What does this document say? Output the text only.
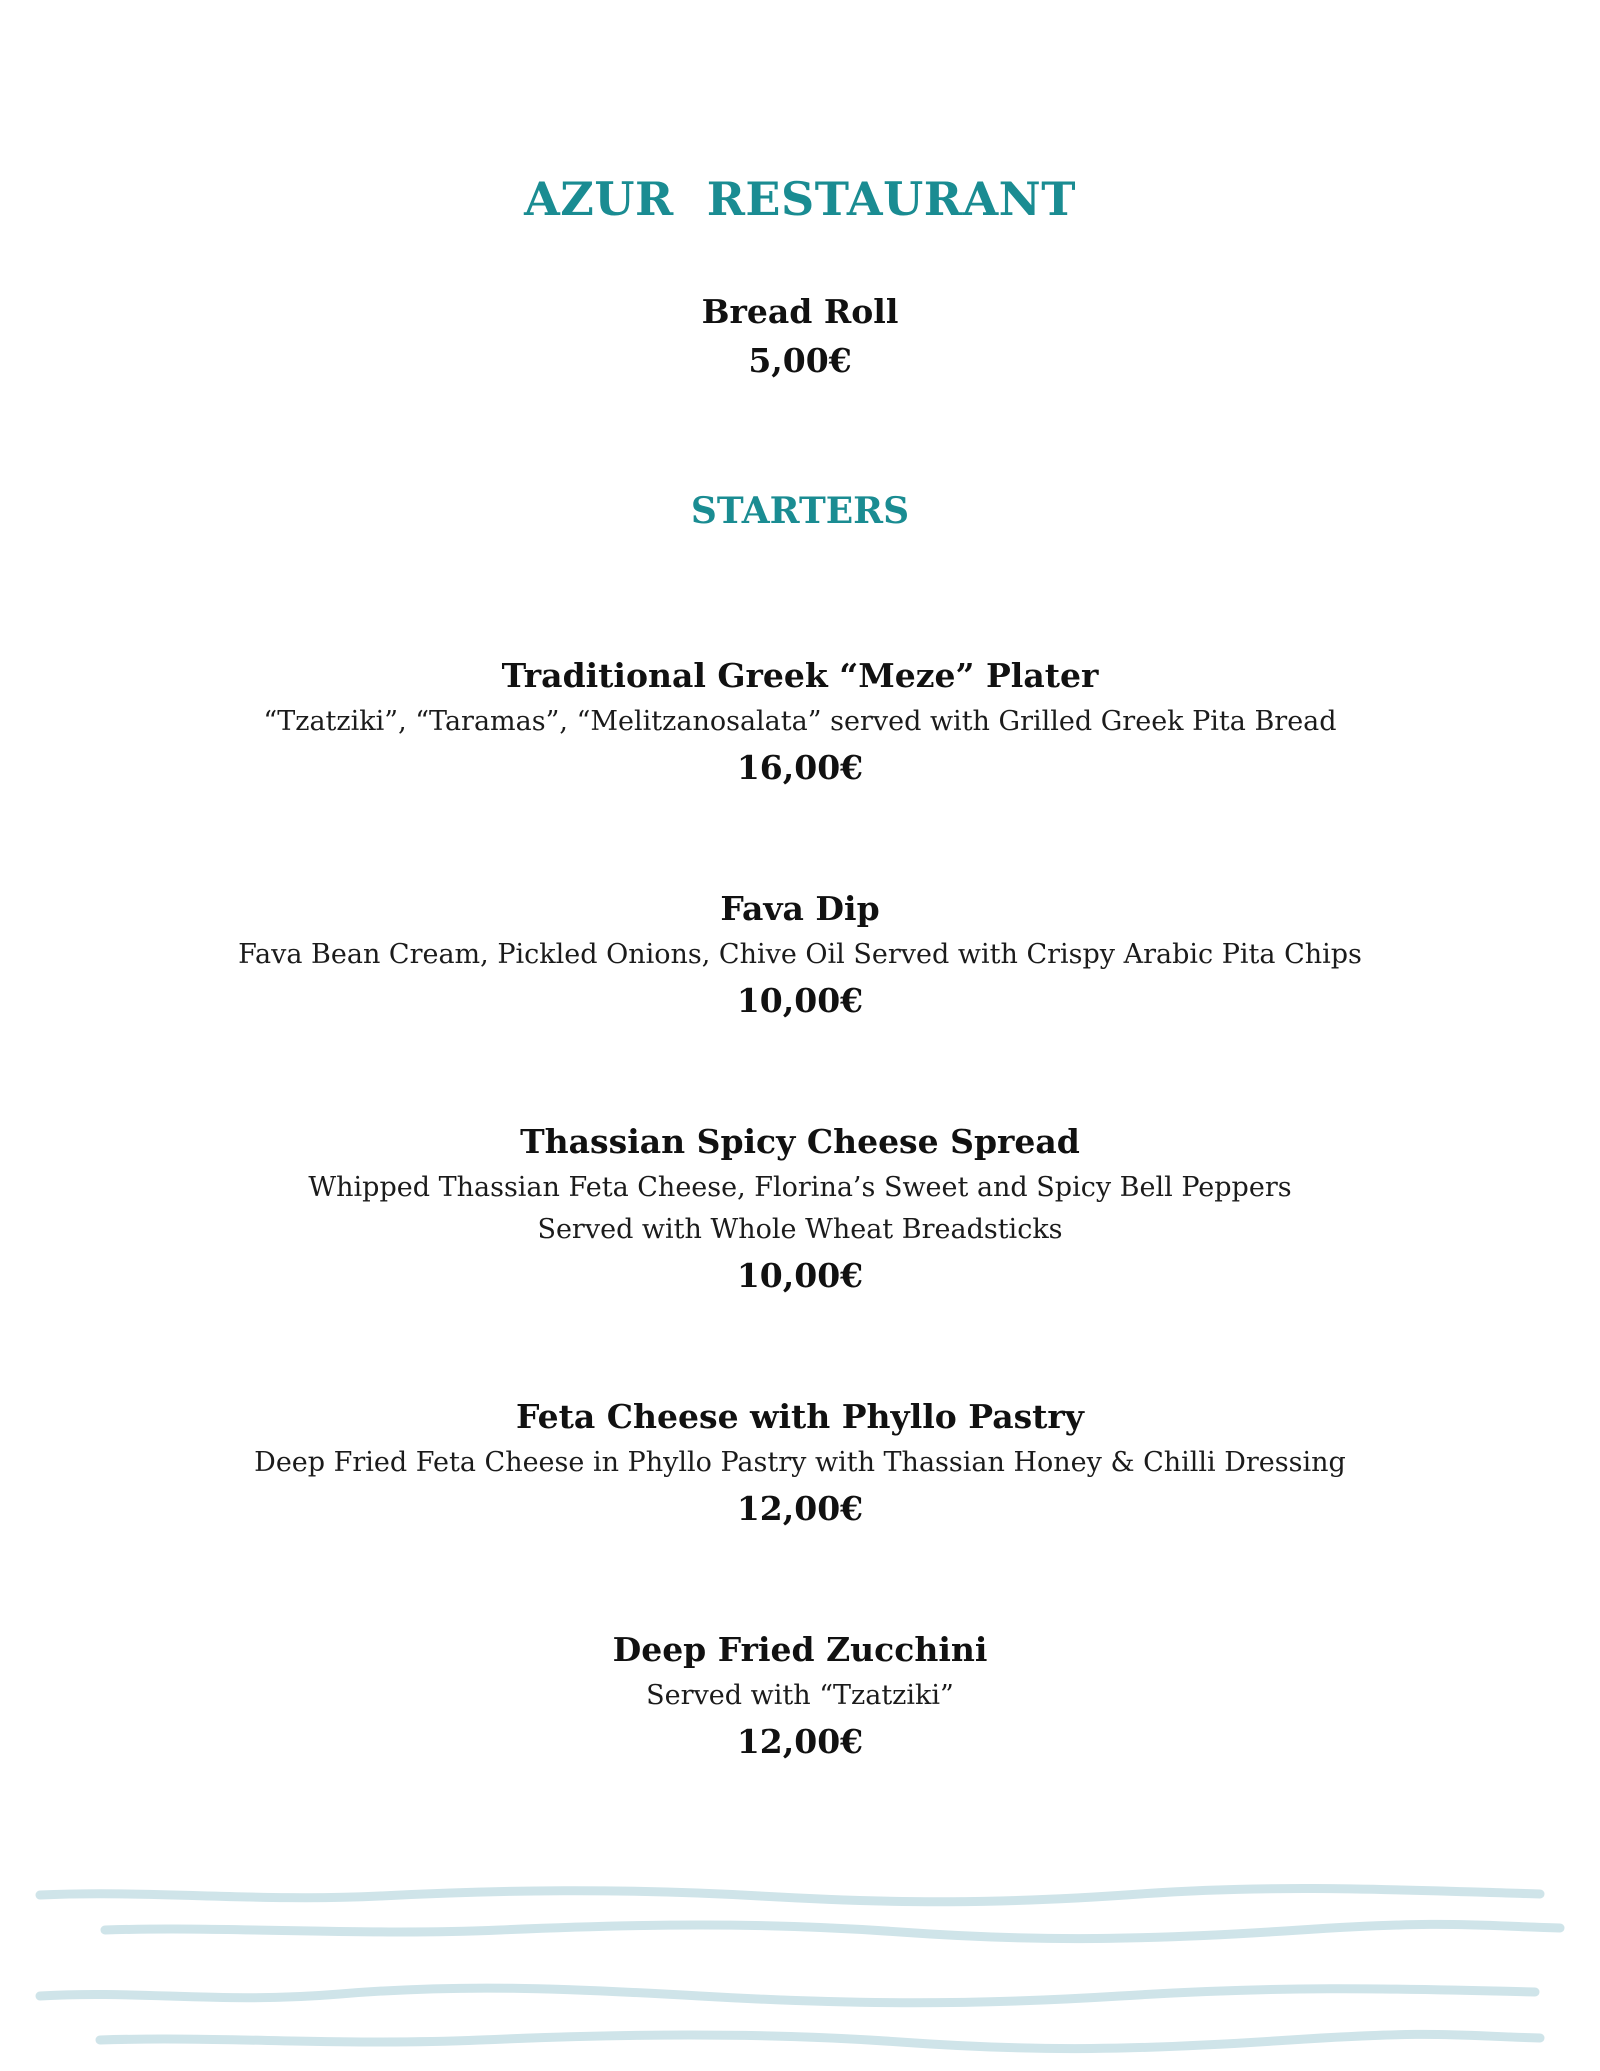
AZUR  RESTAURANT
Bread Roll
5,00€
STARTERS
Traditional Greek “Meze” Plater
“Tzatziki”, “Taramas”, “Melitzanosalata” served with Grilled Greek Pita Bread
16,00€
Fava Dip
Fava Bean Cream, Pickled Onions, Chive Oil Served with Crispy Arabic Pita Chips
10,00€
Thassian Spicy Cheese Spread
Whipped Thassian Feta Cheese, Florina’s Sweet and Spicy Bell Peppers
Served with Whole Wheat Breadsticks
10,00€
Feta Cheese with Phyllo Pastry
Deep Fried Feta Cheese in Phyllo Pastry with Thassian Honey & Chilli Dressing
12,00€
Deep Fried Zucchini
Served with “Tzatziki”
12,00€
